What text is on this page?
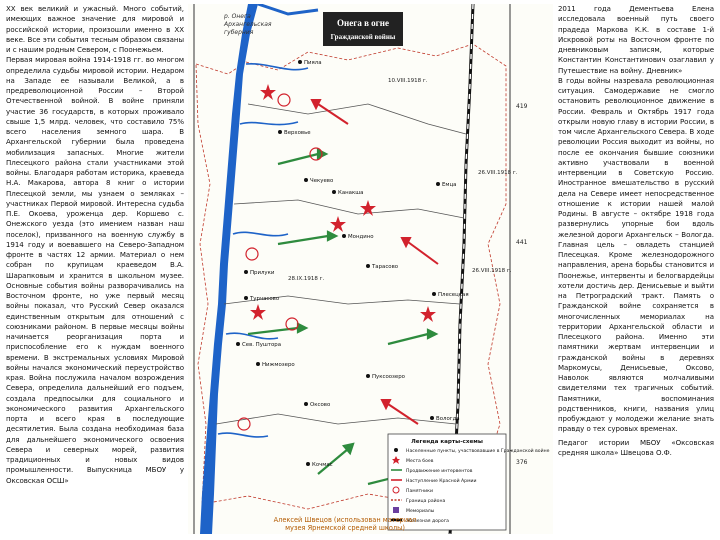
XX век великий и ужасный. Много событий, имеющих важное значение для мировой и российской истории, произошли именно в XX веке. Все эти события тесным образом связаны и с нашим родным Севером, с Поонежьем.

Первая мировая война 1914-1918 гг. во многом определила судьбы мировой истории. Недаром на Западе ее называли Великой, а в предреволюционной России – Второй Отечественной войной. В войне приняли участие 36 государств, в которых проживало свыше 1,5 млрд. человек, что составило 75% всего населения земного шара. В Архангельской губернии была проведена мобилизация запасных. Многие жители Плесецкого района стали участниками этой войны. Благодаря работам историка, краеведа Н.А. Макарова, автора 8 книг о истории Плесецкой земли, мы узнаем о земляках – участниках Первой мировой. Интересна судьба П.Е. Окоева, уроженца дер. Коршево с. Онежского уезда (это имением назван наш поселок), призванного на военную службу в 1914 году и воевавшего на Северо-Западном фронте в частях 12 армии. Материал о нем собран по крупицам краеведом В.А. Шарапковым и хранится в школьном музее. Основные события войны разворачивались на Восточном фронте, но уже первый месяц войны показал, что Русский Север оказался единственным открытым для отношений с союзниками районом. В первые месяцы войны начинается реорганизация порта и приспособление его к нуждам военного времени. В экстремальных условиях Мировой войны начался экономический переустройство края. Война послужила началом возрождения Севера, определила дальнейший его подъем, создала предпосылки для социального и экономического развития Архангельского порта и всего края в последующие десятилетия. Была создана необходимая база для дальнейшего экономического освоения Севера и северных морей, развития традиционных и новых видов промышленности. Выпускница МБОУ у Оксовская ОСШ»

Пияла
Верховье
Чекуево
Канакша
Мондино
Прилуки
Турчасово
Сев. Пуштора
Нижмозеро
Оксово
Пуксоозеро
Плесецкая
Емца
Тарасово
Кочмас
Вологда
Онега в огне
Гражданской войны
р. Онега
Архангельская
губерния
10.VIII.1918 г.
26.VIII.1918 г.
28.IX.1918 г.
26.VIII.1918 г.
419
441
376
Легенда карты-схемы
Населенные пункты, участвовавшие в Гражданской войне
Места боев
Продвижение интервентов
Наступление Красной Армии
Памятники
Граница района
Мемориалы
Железная дорога

2011 года Дементьева Елена исследовала военный путь своего прадеда Маркова К.К. в составе 1-й Искровой роты на Восточном фронте по дневниковым записям, которые Константин Константинович озаглавил у Путешествие на войну. Дневник»

В годы войны назревала революционная ситуация. Самодержавие не смогло остановить революционное движение в России. Февраль и Октябрь 1917 года открыли новую главу в истории России, в том числе Архангельского Севера. В ходе революции Россия выходит из войны, но после ее окончания бывшие союзники активно участвовали в военной интервенции в Советскую Россию. Иностранное вмешательство в русский дела на Севере имеет непосредственное отношение к истории нашей малой Родины. В августе – октябре 1918 года развернулись упорные бои вдоль железной дороги Архангельск – Вологда. Главная цель – овладеть станцией Плесецкая. Кроме железнодорожного направления, арена борьбы становится и Поонежье, интервенты и белогвардейцы хотели достичь дер. Денисьевые и выйти на Петроградский тракт. Память о Гражданской войне сохраняется в многочисленных мемориалах на территории Архангельской области и Плесецкого района. Именно эти памятники жертвам интервенции и гражданской войны в деревнях Маркомусы, Денисьевые, Оксово, Наволок являются молчаливыми свидетелями тех трагичных событий. Памятники, воспоминания родственников, книги, названия улиц пробуждают у молодежи желание знать правду о тех суровых временах.

Педагог истории МБОУ «Оксовская средняя школа» Швецова О.Ф.

Алексей Швецов (использован материал
музея Ярнемской средней школы)
